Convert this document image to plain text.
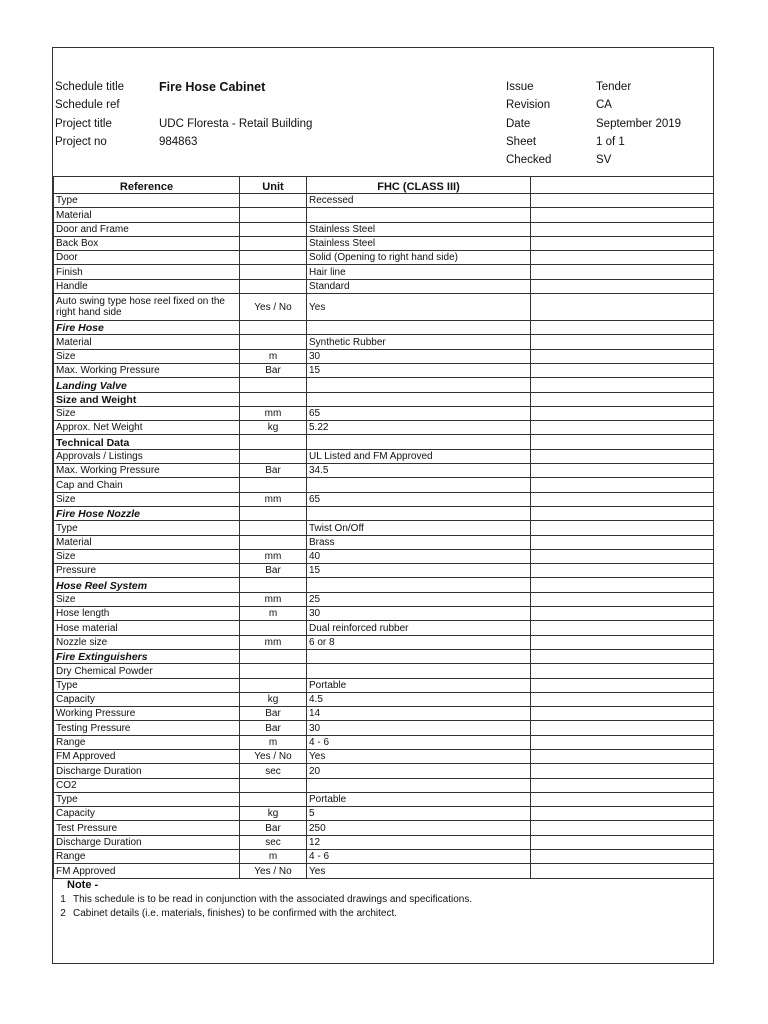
Schedule title	Fire Hose Cabinet
Schedule ref
Project title	UDC Floresta - Retail Building
Project no	984863
Issue	Tender
Revision	CA
Date	September 2019
Sheet	1 of 1
Checked	SV
Reference	Unit	FHC (CLASS III)	
Type		Recessed	
Material			
Door and Frame		Stainless Steel	
Back Box		Stainless Steel	
Door		Solid (Opening to right hand side)	
Finish		Hair line	
Handle		Standard	
Auto swing type hose reel fixed on the right hand side	Yes / No	Yes	
Fire Hose			
Material		Synthetic Rubber	
Size	m	30	
Max. Working Pressure	Bar	15	
Landing Valve			
Size and Weight			
Size	mm	65	
Approx. Net Weight	kg	5.22	
Technical Data			
Approvals / Listings		UL Listed and FM Approved	
Max. Working Pressure	Bar	34.5	
Cap and Chain			
Size	mm	65	
Fire Hose Nozzle			
Type		Twist On/Off	
Material		Brass	
Size	mm	40	
Pressure	Bar	15	
Hose Reel System			
Size	mm	25	
Hose length	m	30	
Hose material		Dual reinforced rubber	
Nozzle size	mm	6 or 8	
Fire Extinguishers			
Dry Chemical Powder			
Type		Portable	
Capacity	kg	4.5	
Working Pressure	Bar	14	
Testing Pressure	Bar	30	
Range	m	4 - 6	
FM Approved	Yes / No	Yes	
Discharge Duration	sec	20	
CO2			
Type		Portable	
Capacity	kg	5	
Test Pressure	Bar	250	
Discharge Duration	sec	12	
Range	m	4 - 6	
FM Approved	Yes / No	Yes	
Note -
1 This schedule is to be read in conjunction with the associated drawings and specifications.
2 Cabinet details (i.e. materials, finishes) to be confirmed with the architect.
